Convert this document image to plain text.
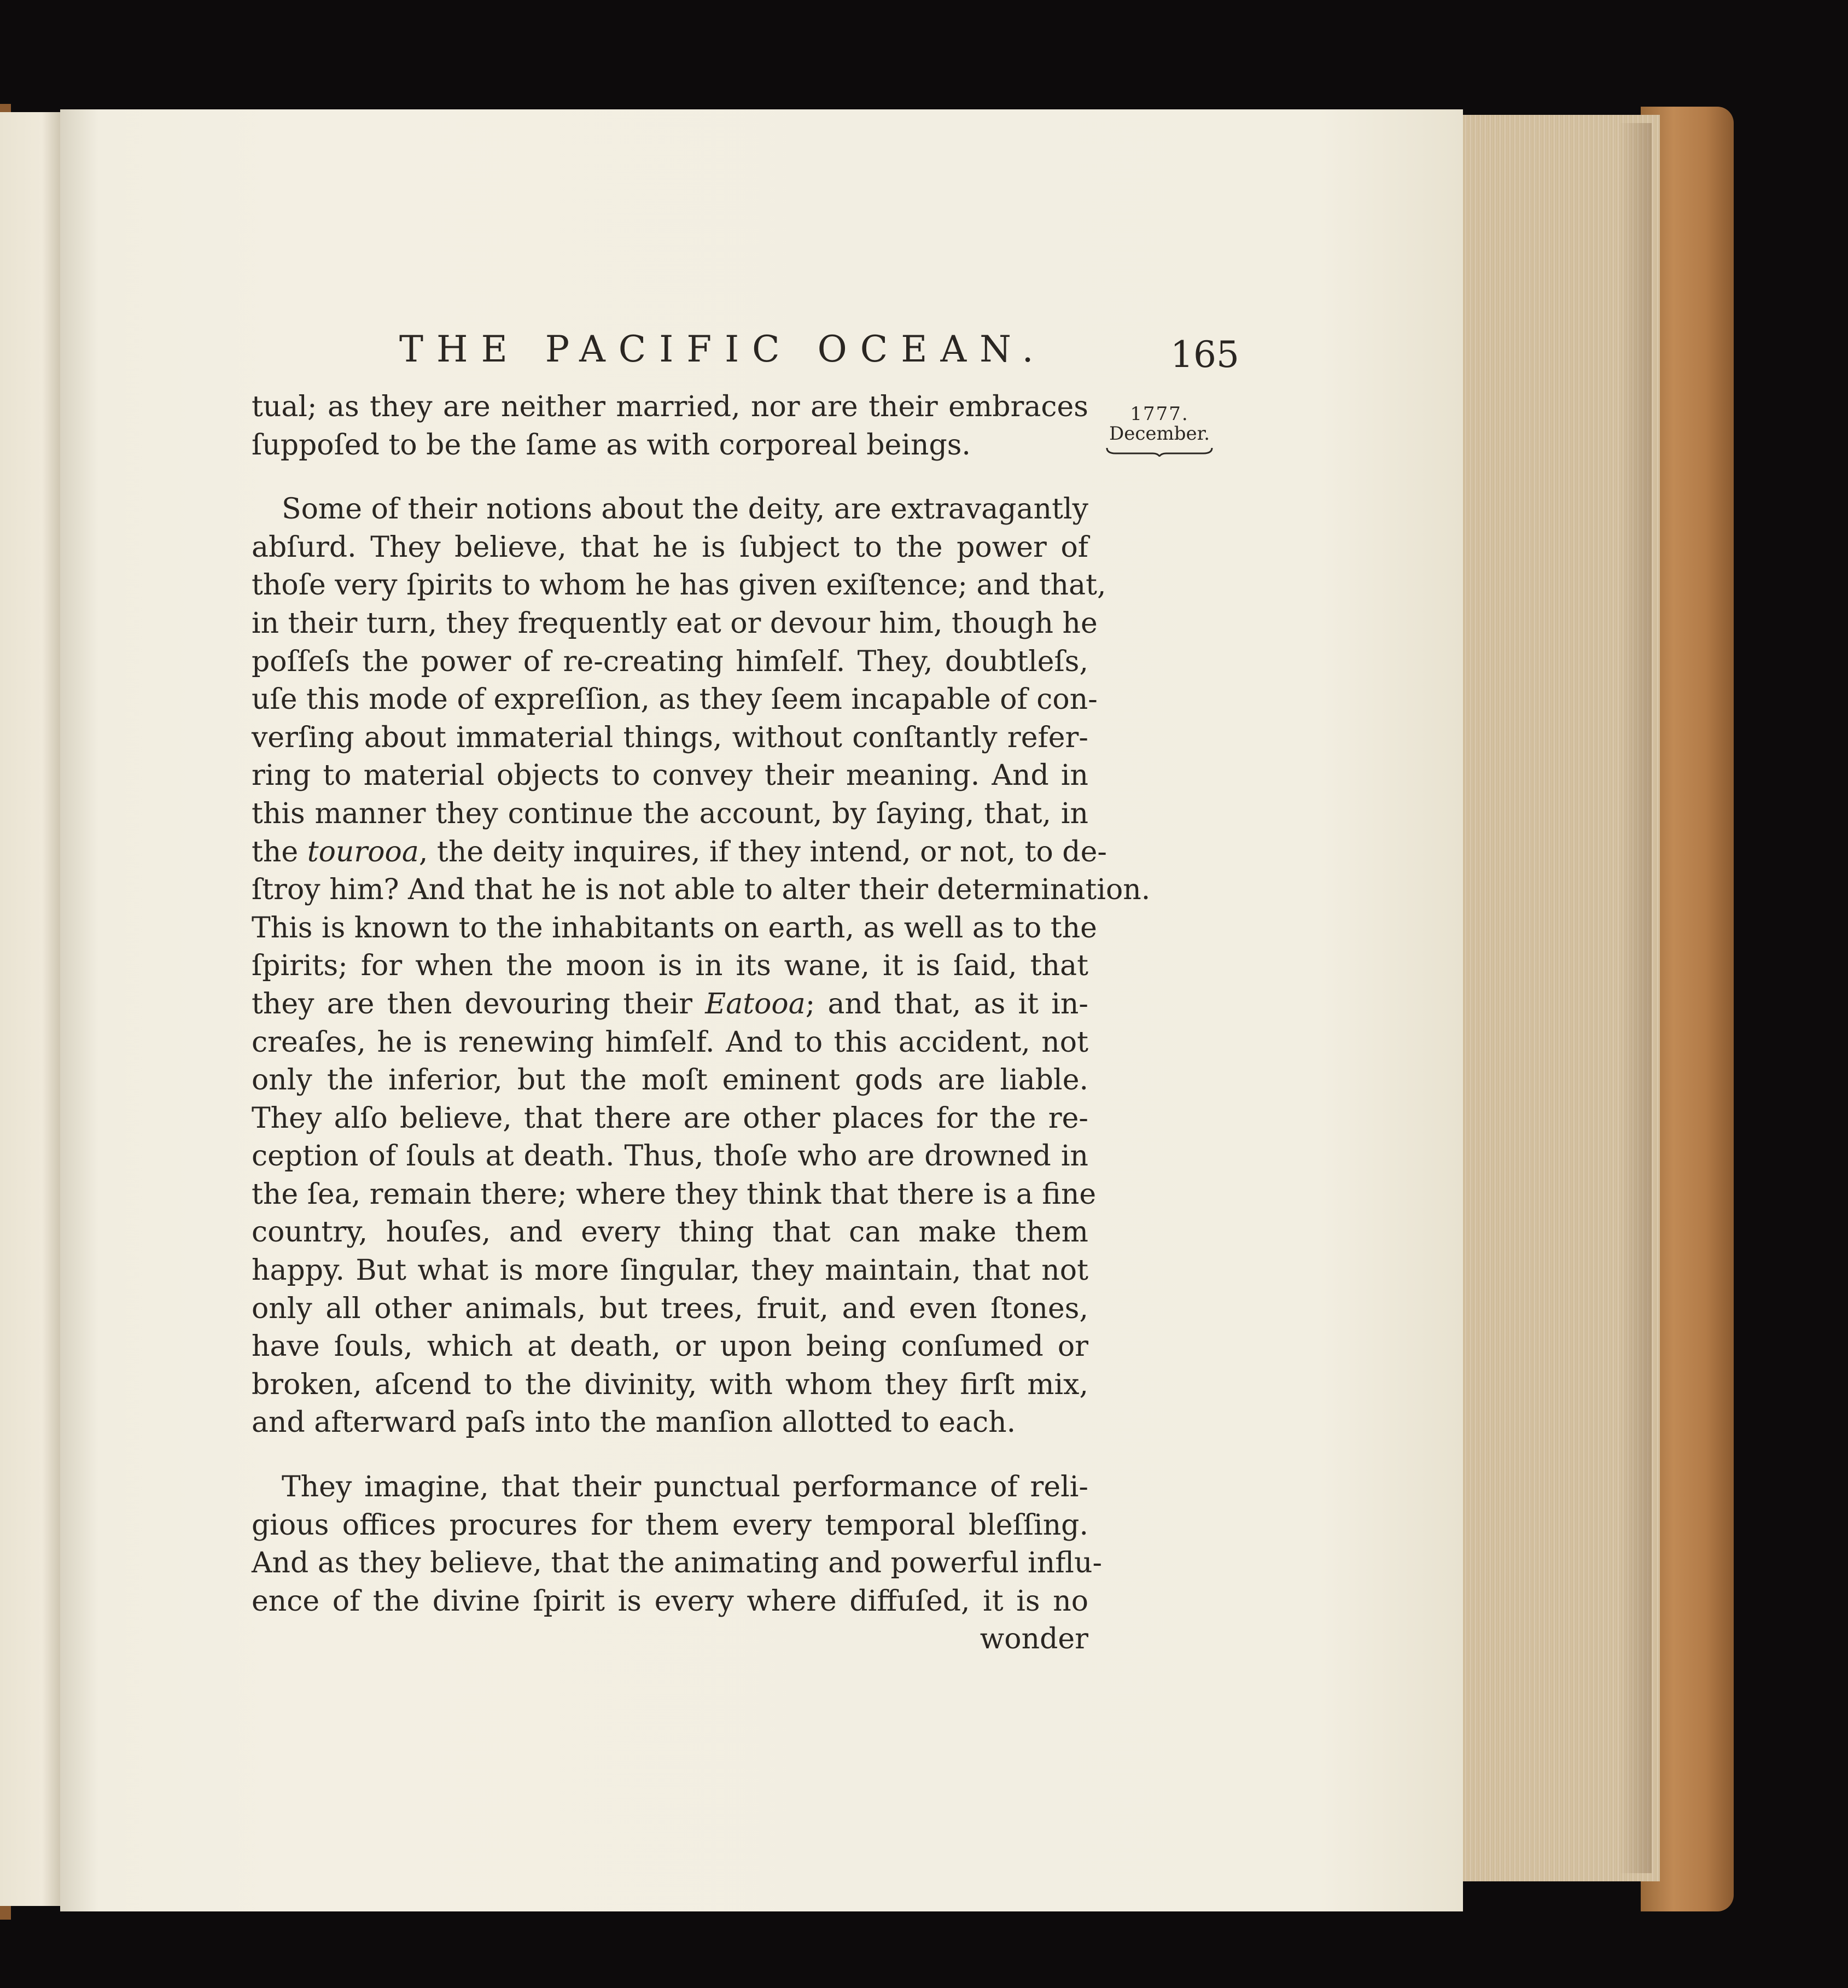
THE PACIFIC OCEAN.	165
1777.
December.
tual; as they are neither married, nor are their embraces
ſuppoſed to be the ſame as with corporeal beings.
Some of their notions about the deity, are extravagantly
abſurd. They believe, that he is ſubject to the power of
thoſe very ſpirits to whom he has given exiſtence; and that,
in their turn, they frequently eat or devour him, though he
poſſeſs the power of re-creating himſelf. They, doubtleſs,
uſe this mode of expreſſion, as they ſeem incapable of con-
verſing about immaterial things, without conſtantly refer-
ring to material objects to convey their meaning. And in
this manner they continue the account, by ſaying, that, in
the tourooa, the deity inquires, if they intend, or not, to de-
ſtroy him? And that he is not able to alter their determination.
This is known to the inhabitants on earth, as well as to the
ſpirits; for when the moon is in its wane, it is ſaid, that
they are then devouring their Eatooa; and that, as it in-
creaſes, he is renewing himſelf. And to this accident, not
only the inferior, but the moſt eminent gods are liable.
They alſo believe, that there are other places for the re-
ception of ſouls at death. Thus, thoſe who are drowned in
the ſea, remain there; where they think that there is a fine
country, houſes, and every thing that can make them
happy. But what is more ſingular, they maintain, that not
only all other animals, but trees, fruit, and even ſtones,
have ſouls, which at death, or upon being conſumed or
broken, aſcend to the divinity, with whom they firſt mix,
and afterward paſs into the manſion allotted to each.
They imagine, that their punctual performance of reli-
gious offices procures for them every temporal bleſſing.
And as they believe, that the animating and powerful influ-
ence of the divine ſpirit is every where diffuſed, it is no
wonder
